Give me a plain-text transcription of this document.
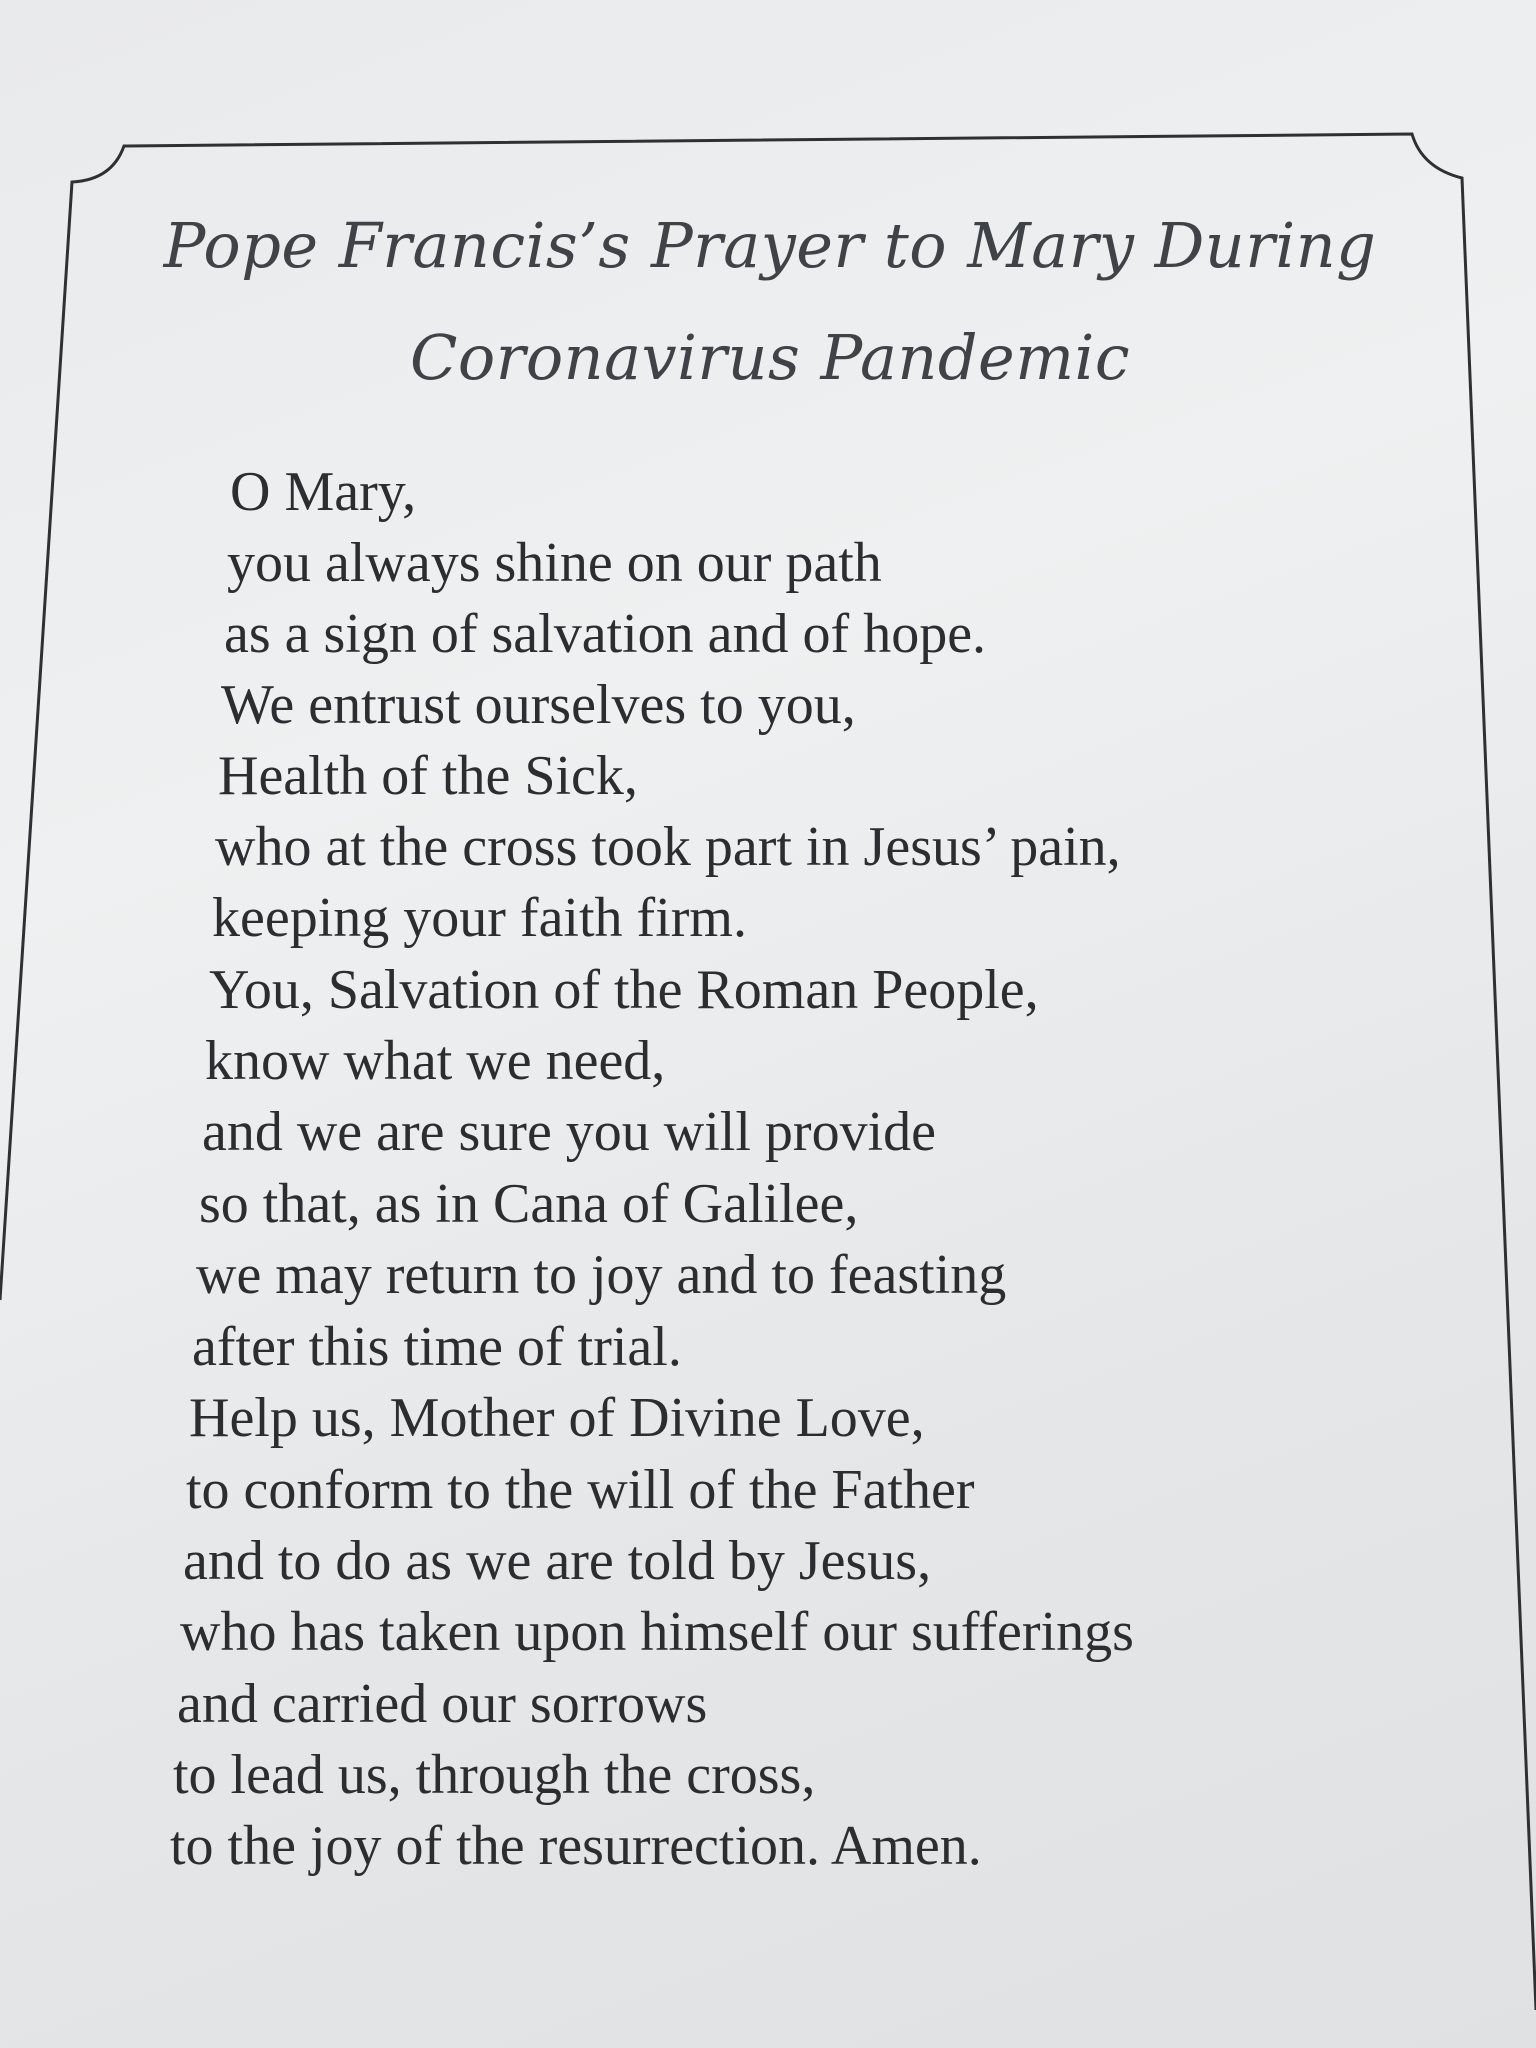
Pope Francis’s Prayer to Mary During
Coronavirus Pandemic
O Mary,
you always shine on our path
as a sign of salvation and of hope.
We entrust ourselves to you,
Health of the Sick,
who at the cross took part in Jesus’ pain,
keeping your faith firm.
You, Salvation of the Roman People,
know what we need,
and we are sure you will provide
so that, as in Cana of Galilee,
we may return to joy and to feasting
after this time of trial.
Help us, Mother of Divine Love,
to conform to the will of the Father
and to do as we are told by Jesus,
who has taken upon himself our sufferings
and carried our sorrows
to lead us, through the cross,
to the joy of the resurrection. Amen.
